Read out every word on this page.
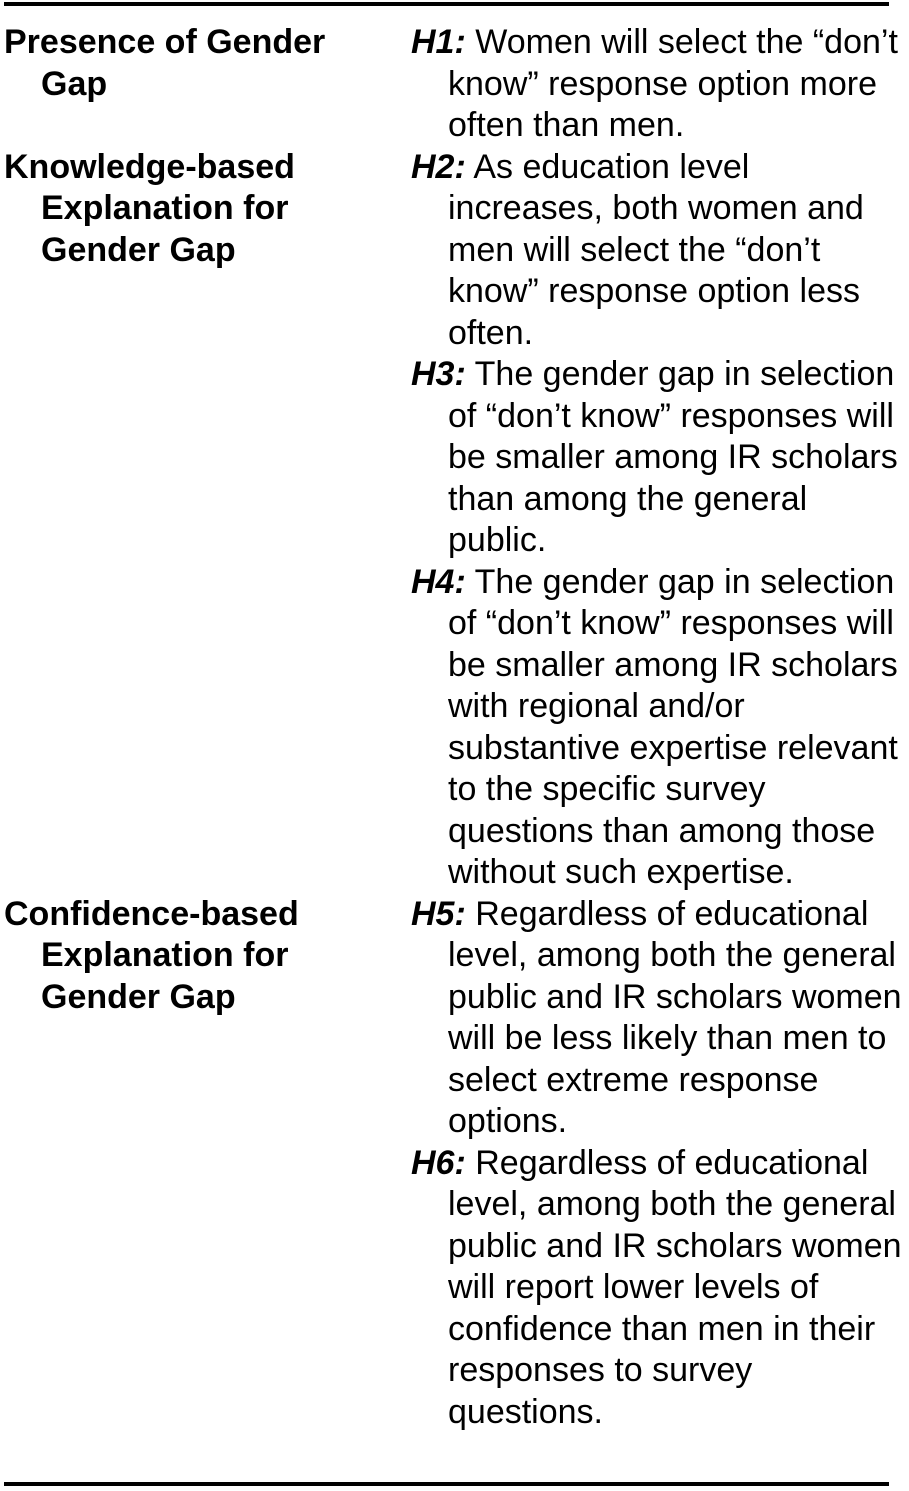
Presence of Gender Gap
H1: Women will select the “don’t know” response option more often than men.
Knowledge-based Explanation for Gender Gap
H2: As education level increases, both women and men will select the “don’t know” response option less often.
H3: The gender gap in selection of “don’t know” responses will be smaller among IR scholars than among the general public.
H4: The gender gap in selection of “don’t know” responses will be smaller among IR scholars with regional and/or substantive expertise relevant to the specific survey questions than among those without such expertise.
Confidence-based Explanation for Gender Gap
H5: Regardless of educational level, among both the general public and IR scholars women will be less likely than men to select extreme response options.
H6: Regardless of educational level, among both the general public and IR scholars women will report lower levels of confidence than men in their responses to survey questions.
